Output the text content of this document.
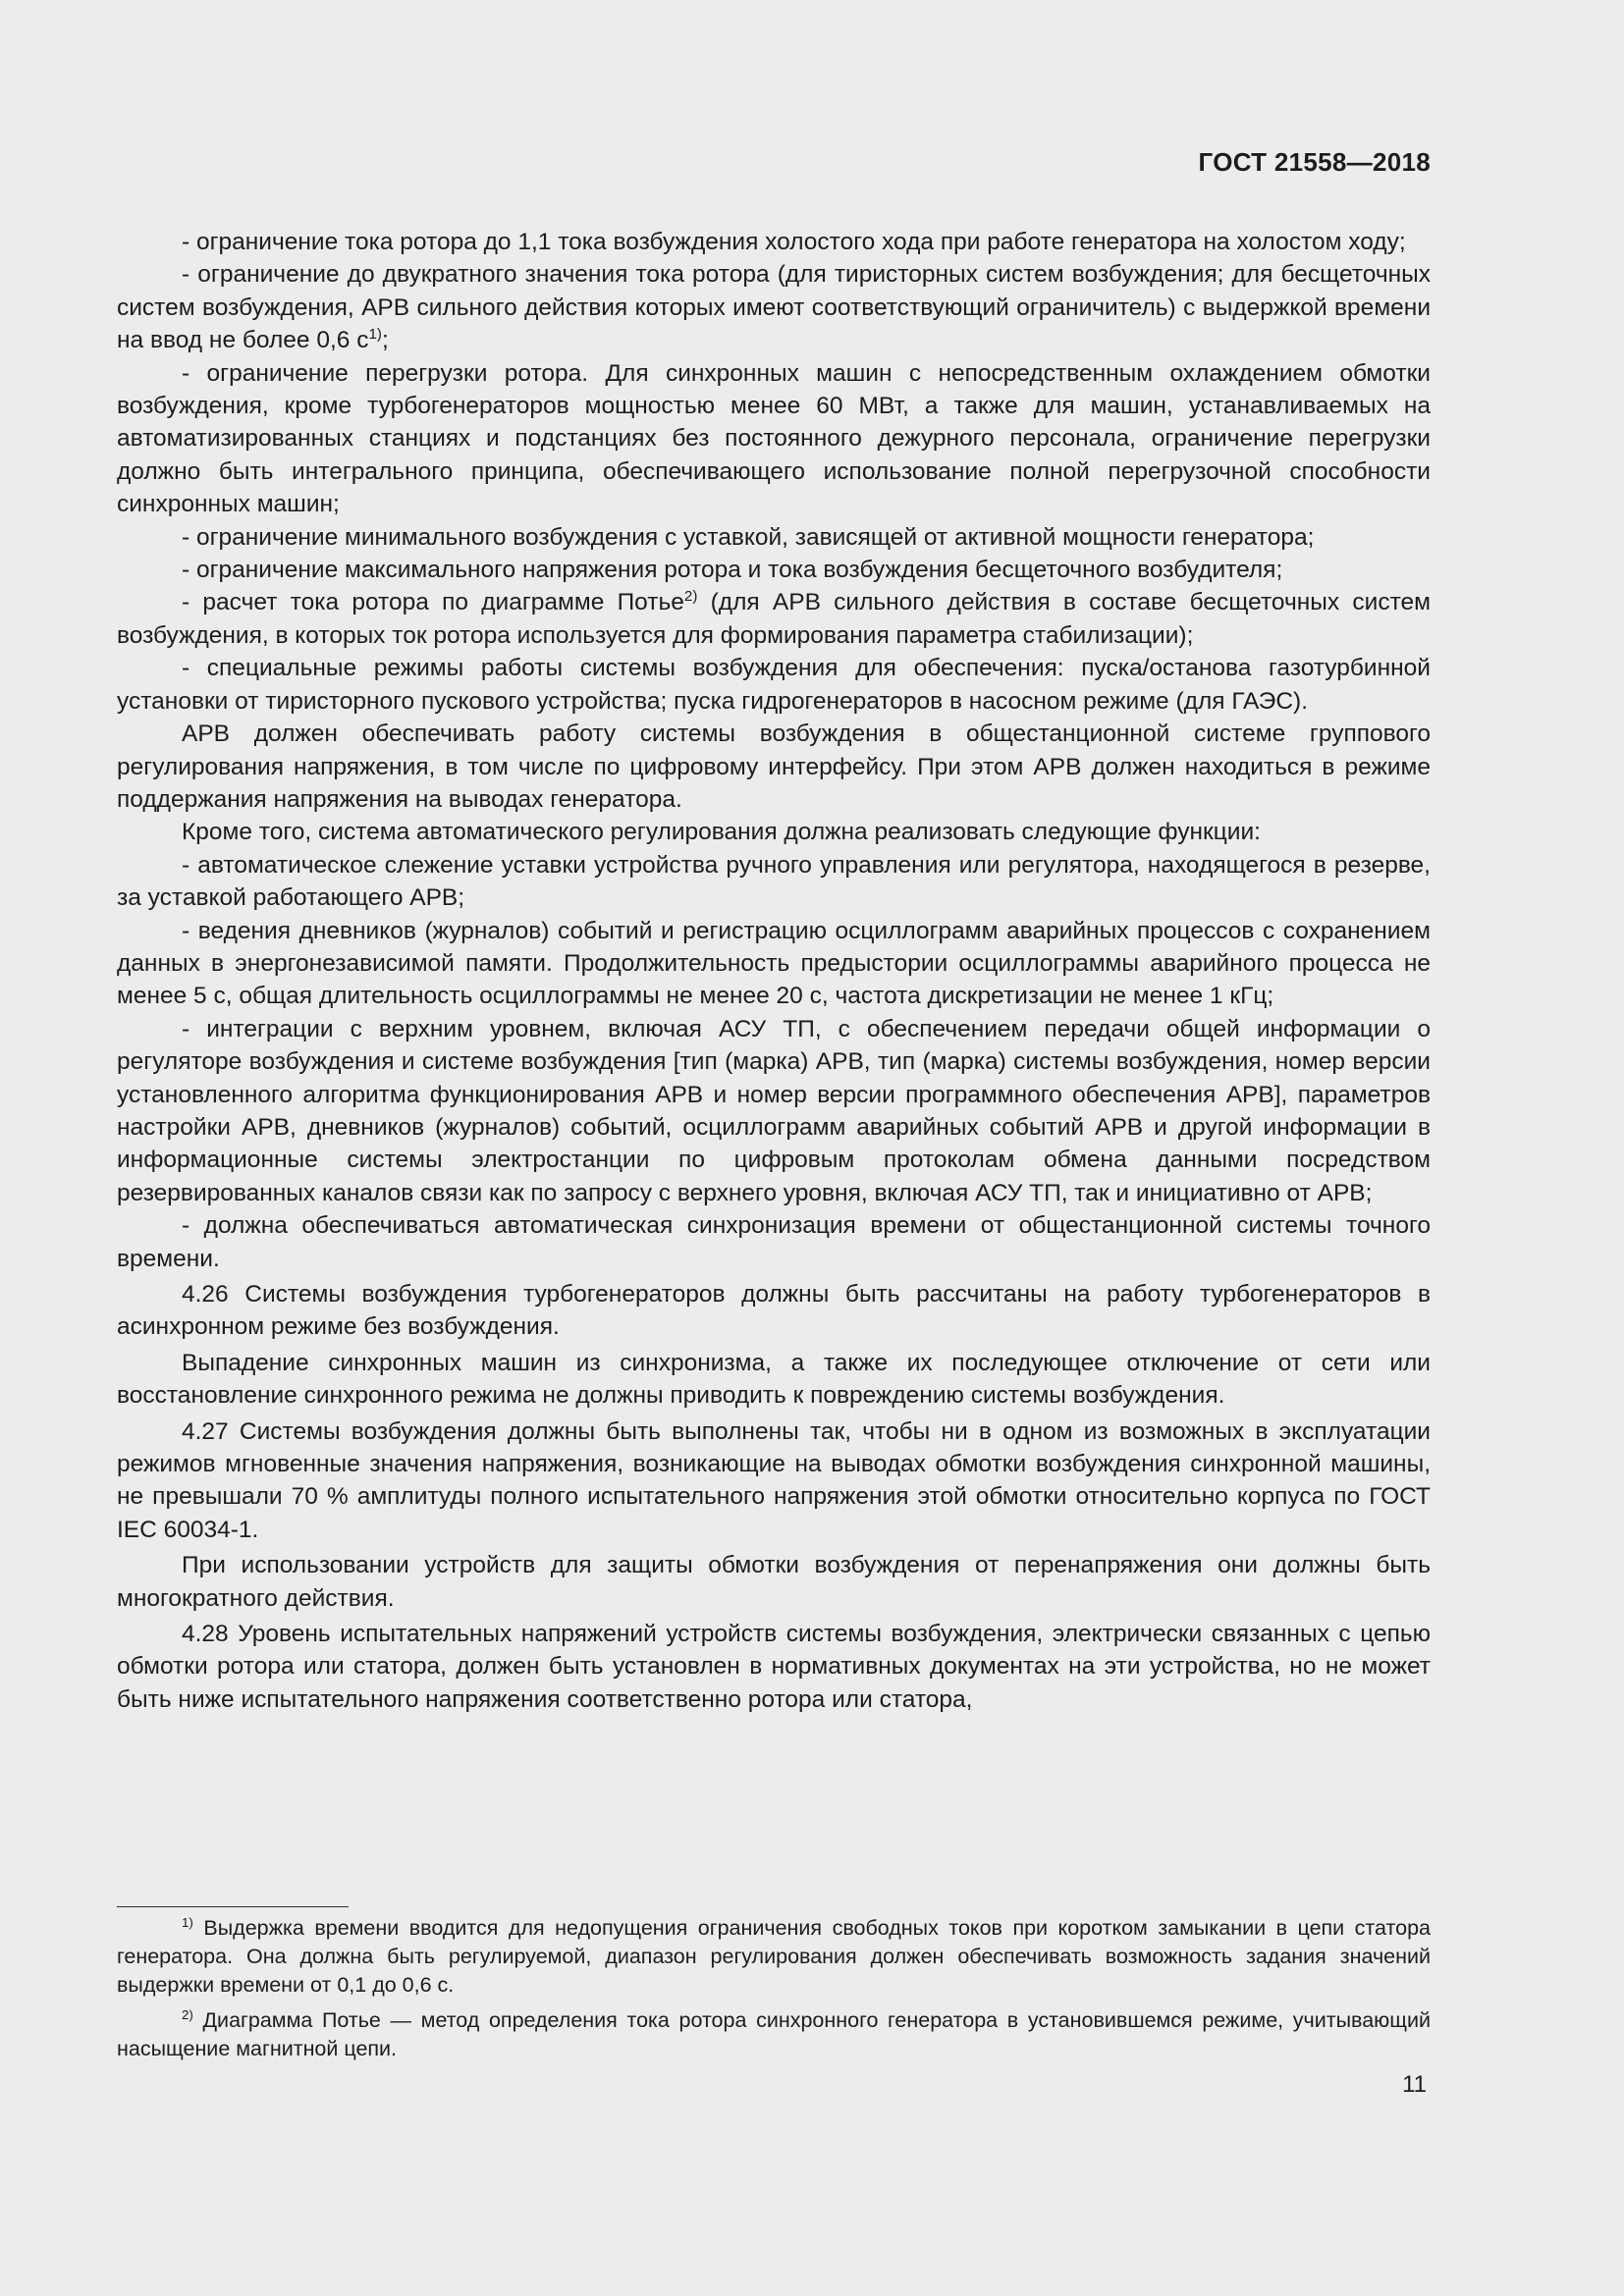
ГОСТ 21558—2018

- ограничение тока ротора до 1,1 тока возбуждения холостого хода при работе генератора на холостом ходу;

- ограничение до двукратного значения тока ротора (для тиристорных систем возбуждения; для бесщеточных систем возбуждения, АРВ сильного действия которых имеют соответствующий ограничитель) с выдержкой времени на ввод не более 0,6 $с^{1)}$;

- ограничение перегрузки ротора. Для синхронных машин с непосредственным охлаждением обмотки возбуждения, кроме турбогенераторов мощностью менее 60 МВт, а также для машин, устанавливаемых на автоматизированных станциях и подстанциях без постоянного дежурного персонала, ограничение перегрузки должно быть интегрального принципа, обеспечивающего использование полной перегрузочной способности синхронных машин;

- ограничение минимального возбуждения с уставкой, зависящей от активной мощности генератора;

- ограничение максимального напряжения ротора и тока возбуждения бесщеточного возбудителя;

- расчет тока ротора по диаграмме Потье$^{2)}$ (для АРВ сильного действия в составе бесщеточных систем возбуждения, в которых ток ротора используется для формирования параметра стабилизации);

- специальные режимы работы системы возбуждения для обеспечения: пуска/останова газотурбинной установки от тиристорного пускового устройства; пуска гидрогенераторов в насосном режиме (для ГАЭС).

АРВ должен обеспечивать работу системы возбуждения в общестанционной системе группового регулирования напряжения, в том числе по цифровому интерфейсу. При этом АРВ должен находиться в режиме поддержания напряжения на выводах генератора.

Кроме того, система автоматического регулирования должна реализовать следующие функции:

- автоматическое слежение уставки устройства ручного управления или регулятора, находящегося в резерве, за уставкой работающего АРВ;

- ведения дневников (журналов) событий и регистрацию осциллограмм аварийных процессов с сохранением данных в энергонезависимой памяти. Продолжительность предыстории осциллограммы аварийного процесса не менее 5 с, общая длительность осциллограммы не менее 20 с, частота дискретизации не менее 1 кГц;

- интеграции с верхним уровнем, включая АСУ ТП, с обеспечением передачи общей информации о регуляторе возбуждения и системе возбуждения [тип (марка) АРВ, тип (марка) системы возбуждения, номер версии установленного алгоритма функционирования АРВ и номер версии программного обеспечения АРВ], параметров настройки АРВ, дневников (журналов) событий, осциллограмм аварийных событий АРВ и другой информации в информационные системы электростанции по цифровым протоколам обмена данными посредством резервированных каналов связи как по запросу с верхнего уровня, включая АСУ ТП, так и инициативно от АРВ;

- должна обеспечиваться автоматическая синхронизация времени от общестанционной системы точного времени.

4.26 Системы возбуждения турбогенераторов должны быть рассчитаны на работу турбогенераторов в асинхронном режиме без возбуждения.

Выпадение синхронных машин из синхронизма, а также их последующее отключение от сети или восстановление синхронного режима не должны приводить к повреждению системы возбуждения.

4.27 Системы возбуждения должны быть выполнены так, чтобы ни в одном из возможных в эксплуатации режимов мгновенные значения напряжения, возникающие на выводах обмотки возбуждения синхронной машины, не превышали 70 % амплитуды полного испытательного напряжения этой обмотки относительно корпуса по ГОСТ IEC 60034-1.

При использовании устройств для защиты обмотки возбуждения от перенапряжения они должны быть многократного действия.

4.28 Уровень испытательных напряжений устройств системы возбуждения, электрически связанных с цепью обмотки ротора или статора, должен быть установлен в нормативных документах на эти устройства, но не может быть ниже испытательного напряжения соответственно ротора или статора,

$^{1)}$ Выдержка времени вводится для недопущения ограничения свободных токов при коротком замыкании в цепи статора генератора. Она должна быть регулируемой, диапазон регулирования должен обеспечивать возможность задания значений выдержки времени от 0,1 до 0,6 с.

$^{2)}$ Диаграмма Потье — метод определения тока ротора синхронного генератора в установившемся режиме, учитывающий насыщение магнитной цепи.

11
